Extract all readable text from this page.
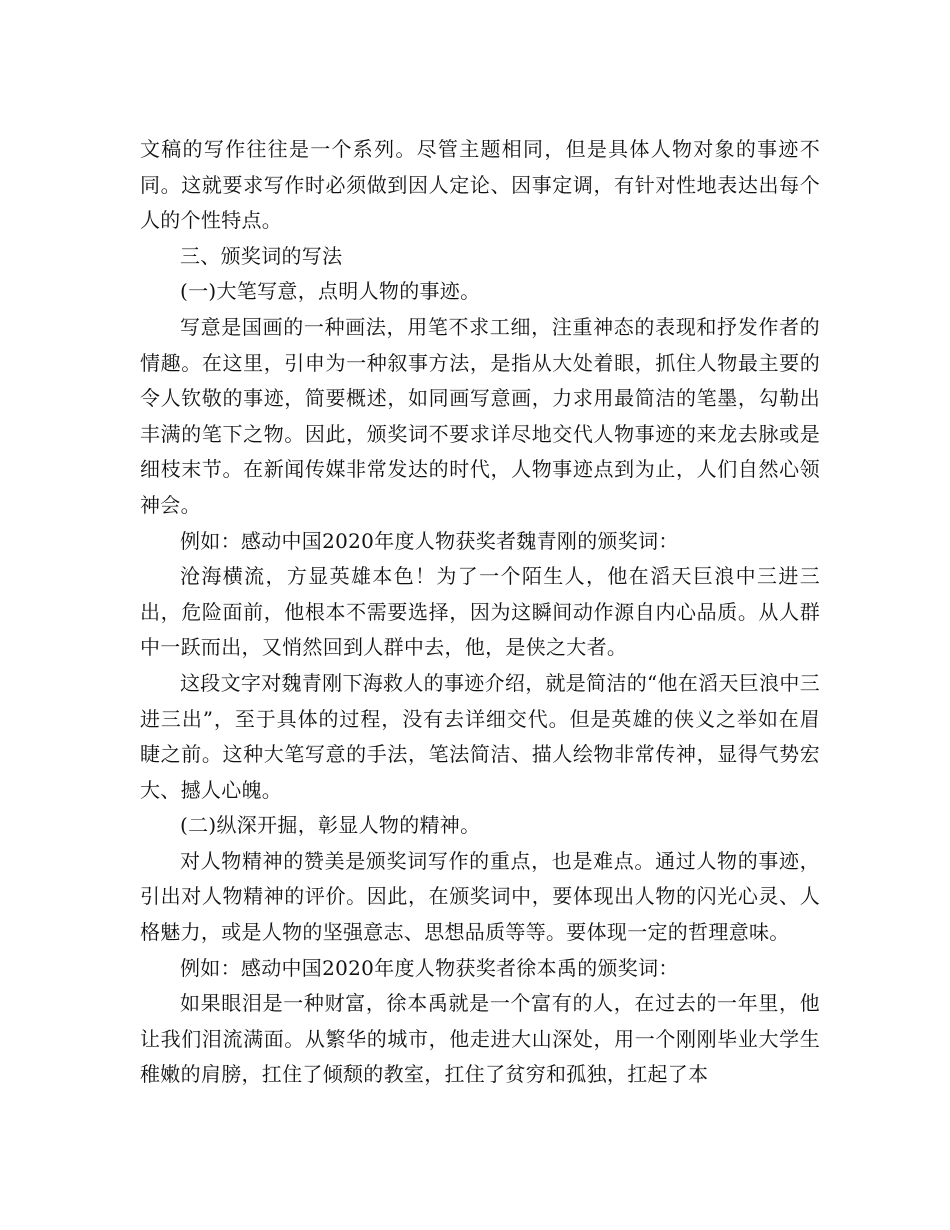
文稿的写作往往是一个系列。尽管主题相同，但是具体人物对象的事迹不同。这就要求写作时必须做到因人定论、因事定调，有针对性地表达出每个人的个性特点。

三、颁奖词的写法

(一)大笔写意，点明人物的事迹。

写意是国画的一种画法，用笔不求工细，注重神态的表现和抒发作者的情趣。在这里，引申为一种叙事方法，是指从大处着眼，抓住人物最主要的令人钦敬的事迹，简要概述，如同画写意画，力求用最简洁的笔墨，勾勒出丰满的笔下之物。因此，颁奖词不要求详尽地交代人物事迹的来龙去脉或是细枝末节。在新闻传媒非常发达的时代，人物事迹点到为止，人们自然心领神会。

例如：感动中国2020年度人物获奖者魏青刚的颁奖词：

沧海横流，方显英雄本色！为了一个陌生人，他在滔天巨浪中三进三出，危险面前，他根本不需要选择，因为这瞬间动作源自内心品质。从人群中一跃而出，又悄然回到人群中去，他，是侠之大者。

这段文字对魏青刚下海救人的事迹介绍，就是简洁的“他在滔天巨浪中三进三出”，至于具体的过程，没有去详细交代。但是英雄的侠义之举如在眉睫之前。这种大笔写意的手法，笔法简洁、描人绘物非常传神，显得气势宏大、撼人心魄。

(二)纵深开掘，彰显人物的精神。

对人物精神的赞美是颁奖词写作的重点，也是难点。通过人物的事迹，引出对人物精神的评价。因此，在颁奖词中，要体现出人物的闪光心灵、人格魅力，或是人物的坚强意志、思想品质等等。要体现一定的哲理意味。

例如：感动中国2020年度人物获奖者徐本禹的颁奖词：

如果眼泪是一种财富，徐本禹就是一个富有的人，在过去的一年里，他让我们泪流满面。从繁华的城市，他走进大山深处，用一个刚刚毕业大学生稚嫩的肩膀，扛住了倾颓的教室，扛住了贫穷和孤独，扛起了本
